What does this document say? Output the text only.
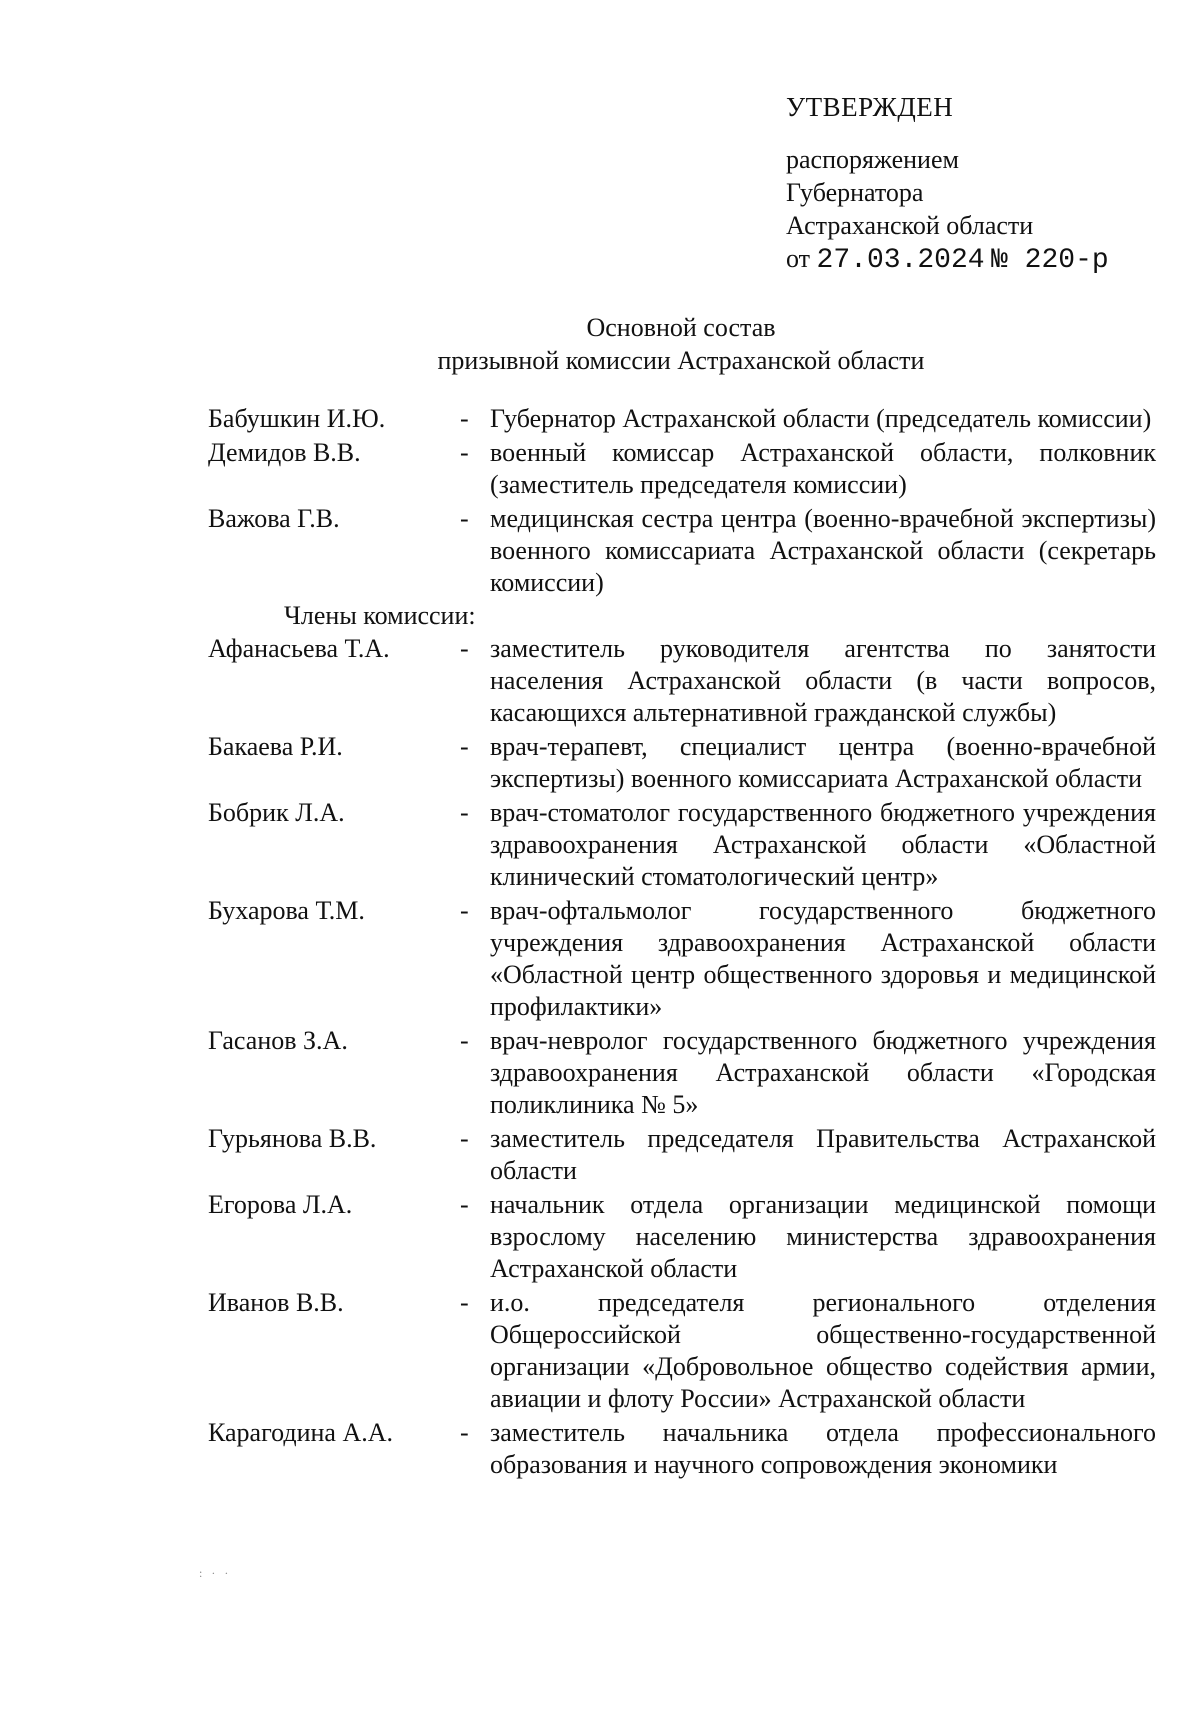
УТВЕРЖДЕН
распоряжением
Губернатора
Астраханской области
от 27.03.2024 № 220-р
Основной состав
призывной комиссии Астраханской области
Бабушкин И.Ю.	- Губернатор Астраханской области (председатель комиссии)
Демидов В.В.	- военный комиссар Астраханской области, полковник (заместитель председателя комиссии)
Важова Г.В.	- медицинская сестра центра (военно-врачебной экспертизы) военного комиссариата Астраханской области (секретарь комиссии)
Члены комиссии:
Афанасьева Т.А.	- заместитель руководителя агентства по занятости населения Астраханской области (в части вопросов, касающихся альтернативной гражданской службы)
Бакаева Р.И.	- врач-терапевт, специалист центра (военно-врачебной экспертизы) военного комиссариата Астраханской области
Бобрик Л.А.	- врач-стоматолог государственного бюджетного учреждения здравоохранения Астраханской области «Областной клинический стоматологический центр»
Бухарова Т.М.	- врач-офтальмолог государственного бюджетного учреждения здравоохранения Астраханской области «Областной центр общественного здоровья и медицинской профилактики»
Гасанов З.А.	- врач-невролог государственного бюджетного учреждения здравоохранения Астраханской области «Городская поликлиника № 5»
Гурьянова В.В.	- заместитель председателя Правительства Астраханской области
Егорова Л.А.	- начальник отдела организации медицинской помощи взрослому населению министерства здравоохранения Астраханской области
Иванов В.В.	- и.о. председателя регионального отделения Общероссийской общественно-государственной организации «Добровольное общество содействия армии, авиации и флоту России» Астраханской области
Карагодина А.А.	- заместитель начальника отдела профессионального образования и научного сопровождения экономики
: · ·
